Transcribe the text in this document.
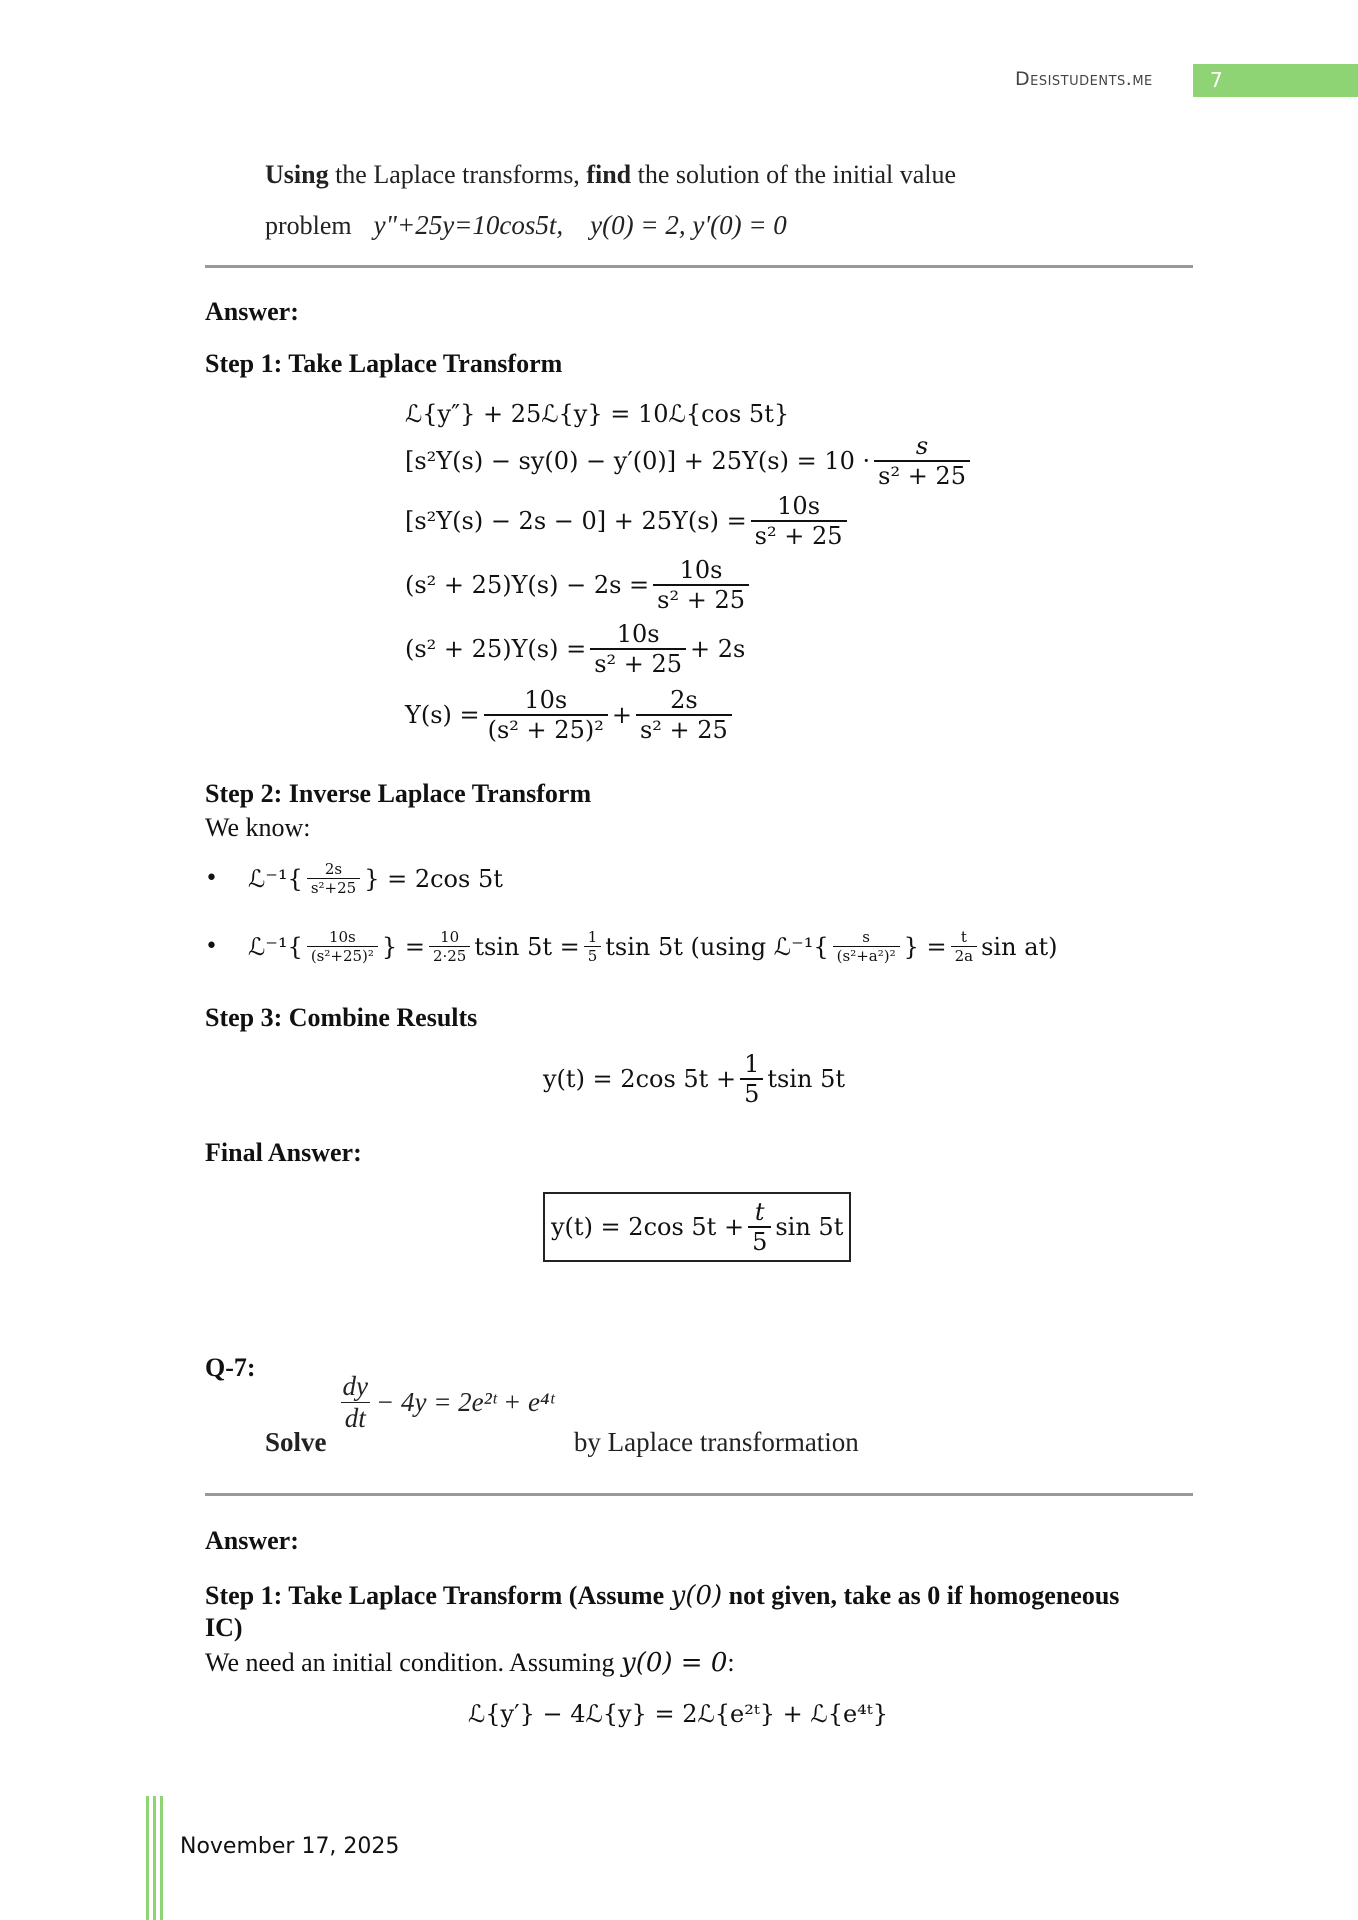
Desistudents.me	7
Using the Laplace transforms, find the solution of the initial value
problem y"+25y=10cos5t,    y(0) = 2, y'(0) = 0
Answer:
Step 1: Take Laplace Transform
ℒ{y″} + 25ℒ{y} = 10ℒ{cos 5t}
$[s^2Y(s) - sy(0) - y'(0)] + 25Y(s) = 10 \cdot \frac{s}{\text{s² + 25}}$
$[s^2Y(s) - 2s - 0] + 25Y(s) = \frac{10s}{\text{s² + 25}}$
$(s^2 + 25)Y(s) - 2s = \frac{10s}{\text{s² + 25}}$
$(s^2 + 25)Y(s) = \frac{10s}{\text{s² + 25}} + 2s$
$Y(s) = \frac{10s}{\text{(s² + 25)²}} + \frac{2s}{\text{s² + 25}}$
Step 2: Inverse Laplace Transform
We know:
• ℒ⁻¹{ $\frac{2s}{\text{s²+25}}$ } = 2cos 5t
• ℒ⁻¹{ $\frac{10s}{\text{(s²+25)²}}$ } = $\frac{10}{2\cdot 25}$ tsin $5t = \frac{1}{5}$ tsin 5t (using ℒ⁻¹{ $\frac{s}{\text{(s²+a²)²}}$ } = $\frac{t}{2a}$ sin at)
Step 3: Combine Results
y(t) = 2cos $5t + \frac{1}{5}$ tsin 5t
Final Answer:
y(t) = 2cos $5t + \frac{t}{5}$ sin 5t
Q-7:
Solve
$\frac{dy}{dt} - 4y$ = 2e²ᵗ + e⁴ᵗ
by Laplace transformation
Answer:
Step 1: Take Laplace Transform (Assume y(0) not given, take as 0 if homogeneous
IC)
We need an initial condition. Assuming y(0) = 0:
ℒ{y′} − 4ℒ{y} = 2ℒ{e²ᵗ} + ℒ{e⁴ᵗ}
November 17, 2025
